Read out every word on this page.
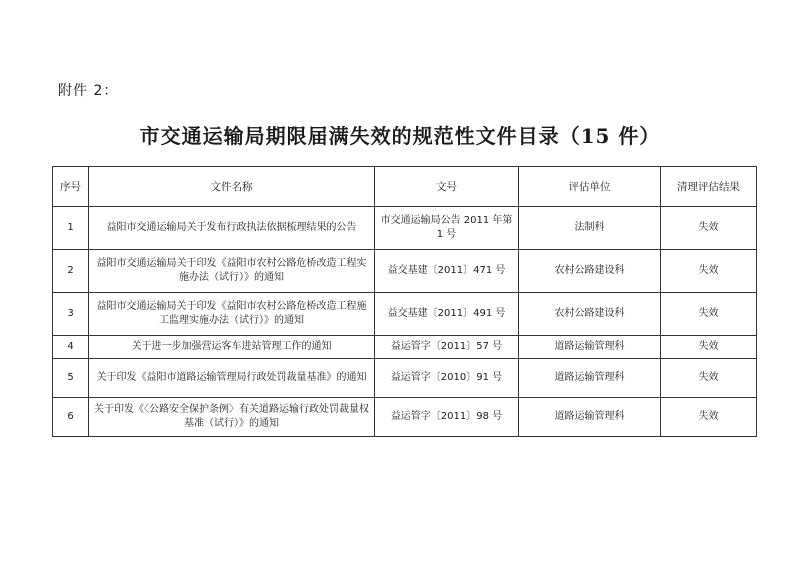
附件 2：
市交通运输局期限届满失效的规范性文件目录（15 件）
序号	文件名称	文号	评估单位	清理评估结果
1	益阳市交通运输局关于发布行政执法依据梳理结果的公告	市交通运输局公告 2011 年第 1 号	法制科	失效
2	益阳市交通运输局关于印发《益阳市农村公路危桥改造工程实施办法（试行）》的通知	益交基建〔2011〕471 号	农村公路建设科	失效
3	益阳市交通运输局关于印发《益阳市农村公路危桥改造工程施工监理实施办法（试行）》的通知	益交基建〔2011〕491 号	农村公路建设科	失效
4	关于进一步加强营运客车进站管理工作的通知	益运管字〔2011〕57 号	道路运输管理科	失效
5	关于印发《益阳市道路运输管理局行政处罚裁量基准》的通知	益运管字〔2010〕91 号	道路运输管理科	失效
6	关于印发《〈公路安全保护条例〉有关道路运输行政处罚裁量权基准（试行）》的通知	益运管字〔2011〕98 号	道路运输管理科	失效
